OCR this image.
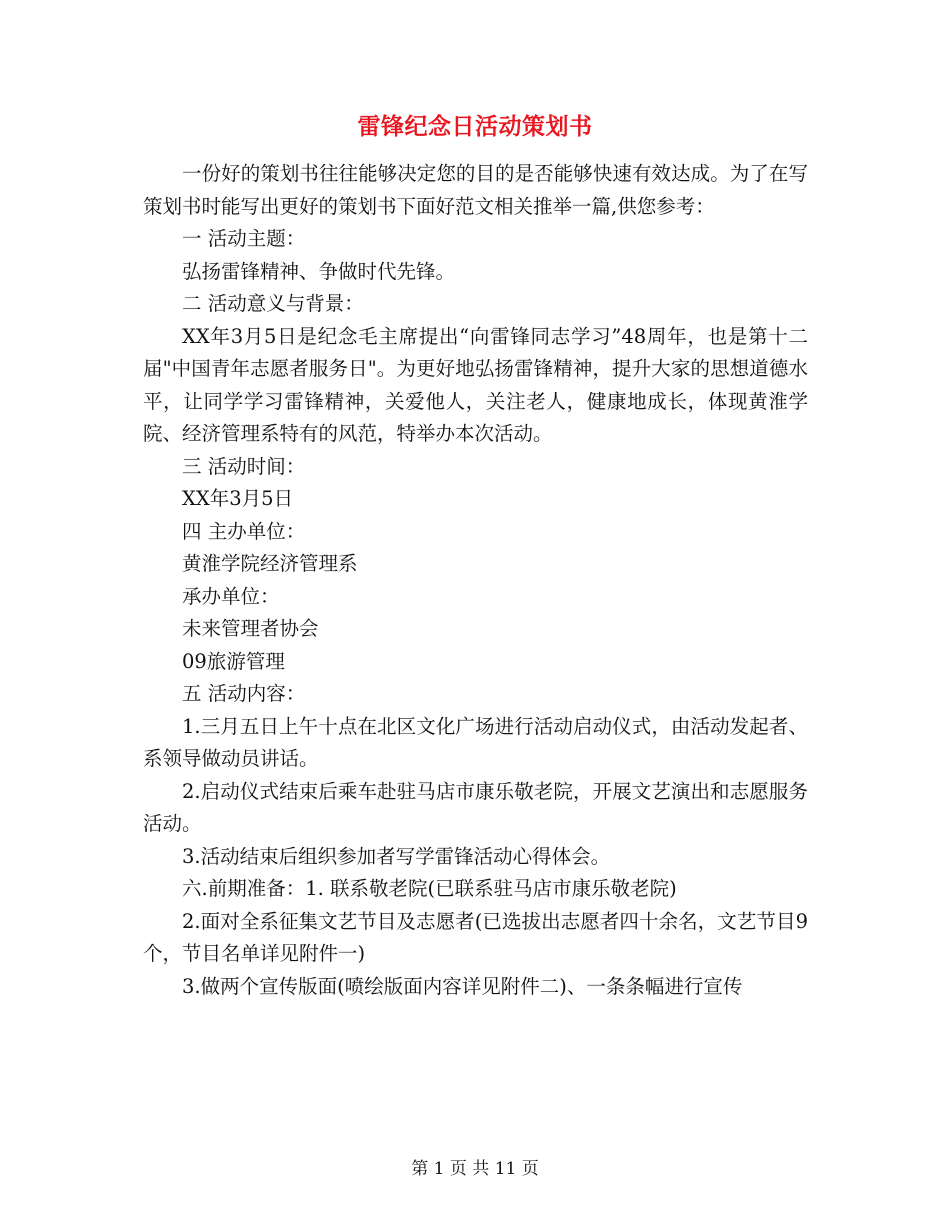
雷锋纪念日活动策划书

一份好的策划书往往能够决定您的目的是否能够快速有效达成。为了在写策划书时能写出更好的策划书下面好范文相关推举一篇,供您参考：

一 活动主题：

弘扬雷锋精神、争做时代先锋。

二 活动意义与背景：

XX年3月5日是纪念毛主席提出“向雷锋同志学习”48周年，也是第十二届"中国青年志愿者服务日"。为更好地弘扬雷锋精神，提升大家的思想道德水平，让同学学习雷锋精神，关爱他人，关注老人，健康地成长，体现黄淮学院、经济管理系特有的风范，特举办本次活动。

三 活动时间：

XX年3月5日

四 主办单位：

黄淮学院经济管理系

承办单位：

未来管理者协会

09旅游管理

五 活动内容：

1.三月五日上午十点在北区文化广场进行活动启动仪式，由活动发起者、系领导做动员讲话。

2.启动仪式结束后乘车赴驻马店市康乐敬老院，开展文艺演出和志愿服务活动。

3.活动结束后组织参加者写学雷锋活动心得体会。

六.前期准备：1. 联系敬老院(已联系驻马店市康乐敬老院)

2.面对全系征集文艺节目及志愿者(已选拔出志愿者四十余名，文艺节目9个，节目名单详见附件一)

3.做两个宣传版面(喷绘版面内容详见附件二)、一条条幅进行宣传

第 1 页 共 11 页
